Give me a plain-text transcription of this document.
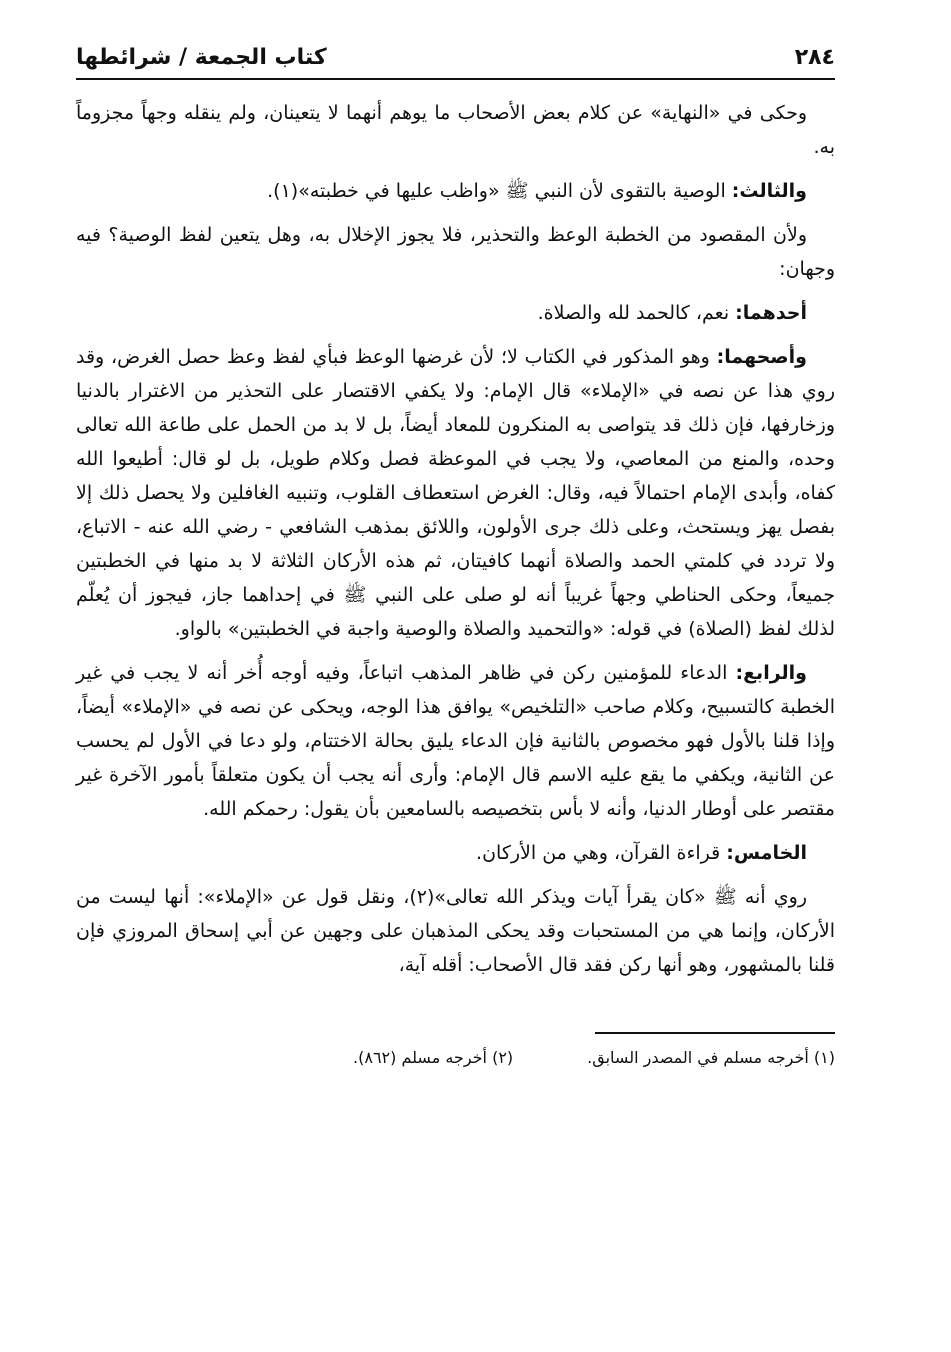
٢٨٤
كتاب الجمعة / شرائطها

وحكى في «النهاية» عن كلام بعض الأصحاب ما يوهم أنهما لا يتعينان، ولم ينقله وجهاً مجزوماً به.

والثالث: الوصية بالتقوى لأن النبي ﷺ «واظب عليها في خطبته»(١).

ولأن المقصود من الخطبة الوعظ والتحذير، فلا يجوز الإخلال به، وهل يتعين لفظ الوصية؟ فيه وجهان:

أحدهما: نعم، كالحمد لله والصلاة.

وأصحهما: وهو المذكور في الكتاب لا؛ لأن غرضها الوعظ فبأي لفظ وعظ حصل الغرض، وقد روي هذا عن نصه في «الإملاء» قال الإمام: ولا يكفي الاقتصار على التحذير من الاغترار بالدنيا وزخارفها، فإن ذلك قد يتواصى به المنكرون للمعاد أيضاً، بل لا بد من الحمل على طاعة الله تعالى وحده، والمنع من المعاصي، ولا يجب في الموعظة فصل وكلام طويل، بل لو قال: أطيعوا الله كفاه، وأبدى الإمام احتمالاً فيه، وقال: الغرض استعطاف القلوب، وتنبيه الغافلين ولا يحصل ذلك إلا بفصل يهز ويستحث، وعلى ذلك جرى الأولون، واللائق بمذهب الشافعي - رضي الله عنه - الاتباع، ولا تردد في كلمتي الحمد والصلاة أنهما كافيتان، ثم هذه الأركان الثلاثة لا بد منها في الخطبتين جميعاً، وحكى الحناطي وجهاً غريباً أنه لو صلى على النبي ﷺ في إحداهما جاز، فيجوز أن يُعلّم لذلك لفظ (الصلاة) في قوله: «والتحميد والصلاة والوصية واجبة في الخطبتين» بالواو.

والرابع: الدعاء للمؤمنين ركن في ظاهر المذهب اتباعاً، وفيه أوجه أُخر أنه لا يجب في غير الخطبة كالتسبيح، وكلام صاحب «التلخيص» يوافق هذا الوجه، ويحكى عن نصه في «الإملاء» أيضاً، وإذا قلنا بالأول فهو مخصوص بالثانية فإن الدعاء يليق بحالة الاختتام، ولو دعا في الأول لم يحسب عن الثانية، ويكفي ما يقع عليه الاسم قال الإمام: وأرى أنه يجب أن يكون متعلقاً بأمور الآخرة غير مقتصر على أوطار الدنيا، وأنه لا بأس بتخصيصه بالسامعين بأن يقول: رحمكم الله.

الخامس: قراءة القرآن، وهي من الأركان.

روي أنه ﷺ «كان يقرأ آيات ويذكر الله تعالى»(٢)، ونقل قول عن «الإملاء»: أنها ليست من الأركان، وإنما هي من المستحبات وقد يحكى المذهبان على وجهين عن أبي إسحاق المروزي فإن قلنا بالمشهور، وهو أنها ركن فقد قال الأصحاب: أقله آية،

(١) أخرجه مسلم في المصدر السابق.
(٢) أخرجه مسلم (٨٦٢).
